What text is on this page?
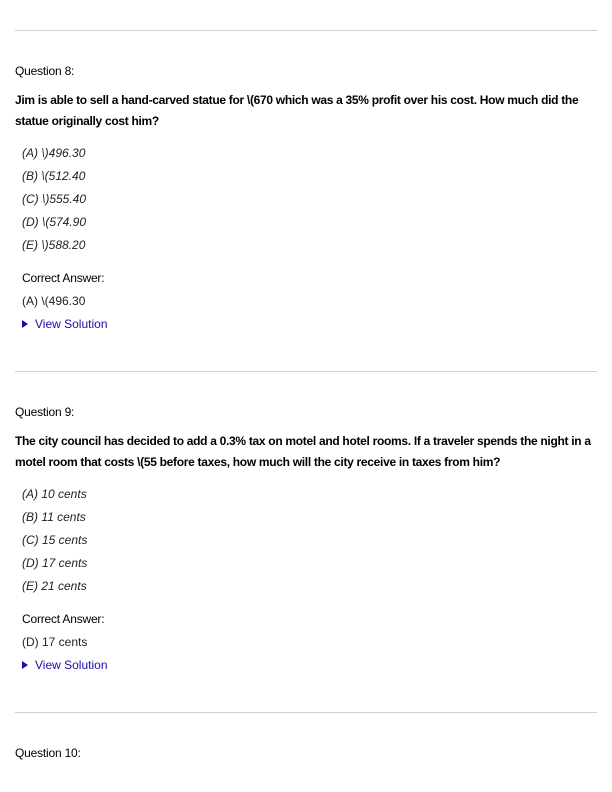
Question 8:
Jim is able to sell a hand-carved statue for \(670 which was a 35% profit over his cost. How much did the statue originally cost him?
(A) \)496.30
(B) \(512.40
(C) \)555.40
(D) \(574.90
(E) \)588.20
Correct Answer:
(A) \(496.30
View Solution
Question 9:
The city council has decided to add a 0.3% tax on motel and hotel rooms. If a traveler spends the night in a motel room that costs \(55 before taxes, how much will the city receive in taxes from him?
(A) 10 cents
(B) 11 cents
(C) 15 cents
(D) 17 cents
(E) 21 cents
Correct Answer:
(D) 17 cents
View Solution
Question 10:
